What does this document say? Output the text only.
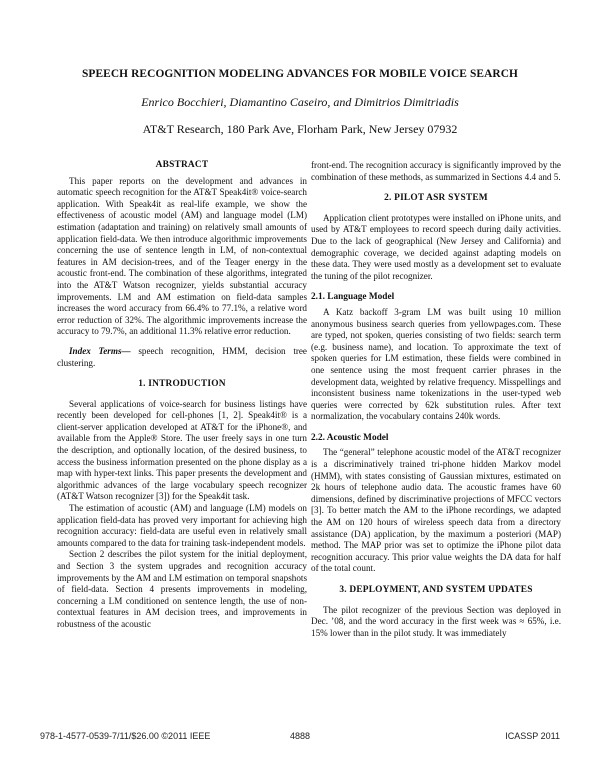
SPEECH RECOGNITION MODELING ADVANCES FOR MOBILE VOICE SEARCH
Enrico Bocchieri, Diamantino Caseiro, and Dimitrios Dimitriadis
AT&T Research, 180 Park Ave, Florham Park, New Jersey 07932
ABSTRACT

This paper reports on the development and advances in automatic speech recognition for the AT&T Speak4it® voice-search application. With Speak4it as real-life example, we show the effectiveness of acoustic model (AM) and language model (LM) estimation (adaptation and training) on relatively small amounts of application field-data. We then introduce algorithmic improvements concerning the use of sentence length in LM, of non-contextual features in AM decision-trees, and of the Teager energy in the acoustic front-end. The combination of these algorithms, integrated into the AT&T Watson recognizer, yields substantial accuracy improvements. LM and AM estimation on field-data samples increases the word accuracy from 66.4% to 77.1%, a relative word error reduction of 32%. The algorithmic improvements increase the accuracy to 79.7%, an additional 11.3% relative error reduction.

Index Terms— speech recognition, HMM, decision tree clustering.

1. INTRODUCTION

Several applications of voice-search for business listings have recently been developed for cell-phones [1, 2]. Speak4it® is a client-server application developed at AT&T for the iPhone®, and available from the Apple® Store. The user freely says in one turn the description, and optionally location, of the desired business, to access the business information presented on the phone display as a map with hyper-text links. This paper presents the development and algorithmic advances of the large vocabulary speech recognizer (AT&T Watson recognizer [3]) for the Speak4it task.

The estimation of acoustic (AM) and language (LM) models on application field-data has proved very important for achieving high recognition accuracy: field-data are useful even in relatively small amounts compared to the data for training task-independent models.

Section 2 describes the pilot system for the initial deployment, and Section 3 the system upgrades and recognition accuracy improvements by the AM and LM estimation on temporal snapshots of field-data. Section 4 presents improvements in modeling, concerning a LM conditioned on sentence length, the use of non-contextual features in AM decision trees, and improvements in robustness of the acoustic

front-end. The recognition accuracy is significantly improved by the combination of these methods, as summarized in Sections 4.4 and 5.

2. PILOT ASR SYSTEM

Application client prototypes were installed on iPhone units, and used by AT&T employees to record speech during daily activities. Due to the lack of geographical (New Jersey and California) and demographic coverage, we decided against adapting models on these data. They were used mostly as a development set to evaluate the tuning of the pilot recognizer.

2.1. Language Model

A Katz backoff 3-gram LM was built using 10 million anonymous business search queries from yellowpages.com. These are typed, not spoken, queries consisting of two fields: search term (e.g. business name), and location. To approximate the text of spoken queries for LM estimation, these fields were combined in one sentence using the most frequent carrier phrases in the development data, weighted by relative frequency. Misspellings and inconsistent business name tokenizations in the user-typed web queries were corrected by 62k substitution rules. After text normalization, the vocabulary contains 240k words.

2.2. Acoustic Model

The “general” telephone acoustic model of the AT&T recognizer is a discriminatively trained tri-phone hidden Markov model (HMM), with states consisting of Gaussian mixtures, estimated on 2k hours of telephone audio data. The acoustic frames have 60 dimensions, defined by discriminative projections of MFCC vectors [3]. To better match the AM to the iPhone recordings, we adapted the AM on 120 hours of wireless speech data from a directory assistance (DA) application, by the maximum a posteriori (MAP) method. The MAP prior was set to optimize the iPhone pilot data recognition accuracy. This prior value weights the DA data for half of the total count.

3. DEPLOYMENT, AND SYSTEM UPDATES

The pilot recognizer of the previous Section was deployed in Dec. ’08, and the word accuracy in the first week was ≈ 65%, i.e. 15% lower than in the pilot study. It was immediately

978-1-4577-0539-7/11/$26.00 ©2011 IEEE	4888	ICASSP 2011
